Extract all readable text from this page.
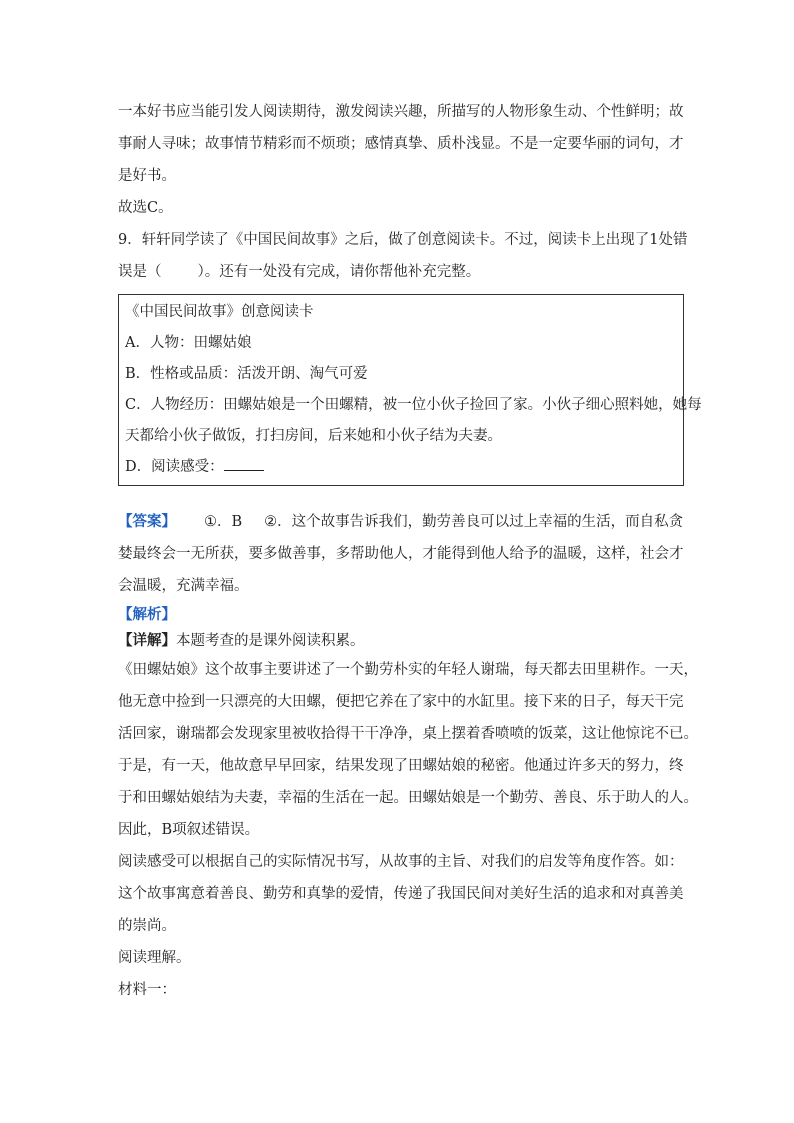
一本好书应当能引发人阅读期待，激发阅读兴趣，所描写的人物形象生动、个性鲜明；故
事耐人寻味；故事情节精彩而不烦琐；感情真挚、质朴浅显。不是一定要华丽的词句，才
是好书。
故选C。
9．轩轩同学读了《中国民间故事》之后，做了创意阅读卡。不过，阅读卡上出现了1处错
误是（ ）。还有一处没有完成，请你帮他补充完整。
《中国民间故事》创意阅读卡
A．人物：田螺姑娘
B．性格或品质：活泼开朗、淘气可爱
C．人物经历：田螺姑娘是一个田螺精，被一位小伙子捡回了家。小伙子细心照料她，她每
天都给小伙子做饭，打扫房间，后来她和小伙子结为夫妻。
D．阅读感受：
【答案】 ①．B ②．这个故事告诉我们，勤劳善良可以过上幸福的生活，而自私贪
婪最终会一无所获，要多做善事，多帮助他人，才能得到他人给予的温暖，这样，社会才
会温暖，充满幸福。
【解析】
【详解】本题考查的是课外阅读积累。
《田螺姑娘》这个故事主要讲述了一个勤劳朴实的年轻人谢瑞，每天都去田里耕作。一天，
他无意中捡到一只漂亮的大田螺，便把它养在了家中的水缸里。接下来的日子，每天干完
活回家，谢瑞都会发现家里被收拾得干干净净，桌上摆着香喷喷的饭菜，这让他惊诧不已。
于是，有一天，他故意早早回家，结果发现了田螺姑娘的秘密。他通过许多天的努力，终
于和田螺姑娘结为夫妻，幸福的生活在一起。田螺姑娘是一个勤劳、善良、乐于助人的人。
因此，B项叙述错误。
阅读感受可以根据自己的实际情况书写，从故事的主旨、对我们的启发等角度作答。如：
这个故事寓意着善良、勤劳和真挚的爱情，传递了我国民间对美好生活的追求和对真善美
的崇尚。
阅读理解。
材料一：
